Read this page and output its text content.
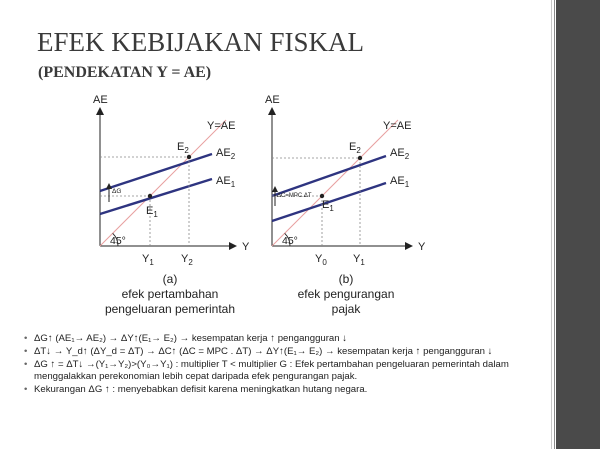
EFEK KEBIJAKAN FISKAL
(PENDEKATAN Y = AE)
AE
Y
Y=AE
$AE_2$
$AE_1$
$E_2$
$E_1$
ΔG
45°
$Y_1$ $Y_2$
AE
Y
Y=AE
$AE_2$
$AE_1$
$E_2$
$E_1$
ΔC=MPC.ΔT
45°
$Y_0$ $Y_1$
(a)
efek pertambahan
pengeluaran pemerintah
(b)
efek pengurangan
pajak
• ΔG↑ (AE₁→ AE₂) → ΔY↑(E₁→ E₂) → kesempatan kerja ↑ pengangguran ↓
• ΔT↓ → Y_d↑ (ΔY_d = ΔT) → ΔC↑ (ΔC = MPC . ΔT) → ΔY↑(E₁→ E₂) → kesempatan kerja ↑ pengangguran ↓
• ΔG ↑ = ΔT↓ →(Y₁→Y₂)>(Y₀→Y₁) : multiplier T < multiplier G : Efek pertambahan pengeluaran pemerintah dalam menggalakkan perekonomian lebih cepat daripada efek pengurangan pajak.
• Kekurangan ΔG ↑ : menyebabkan defisit karena meningkatkan hutang negara.
